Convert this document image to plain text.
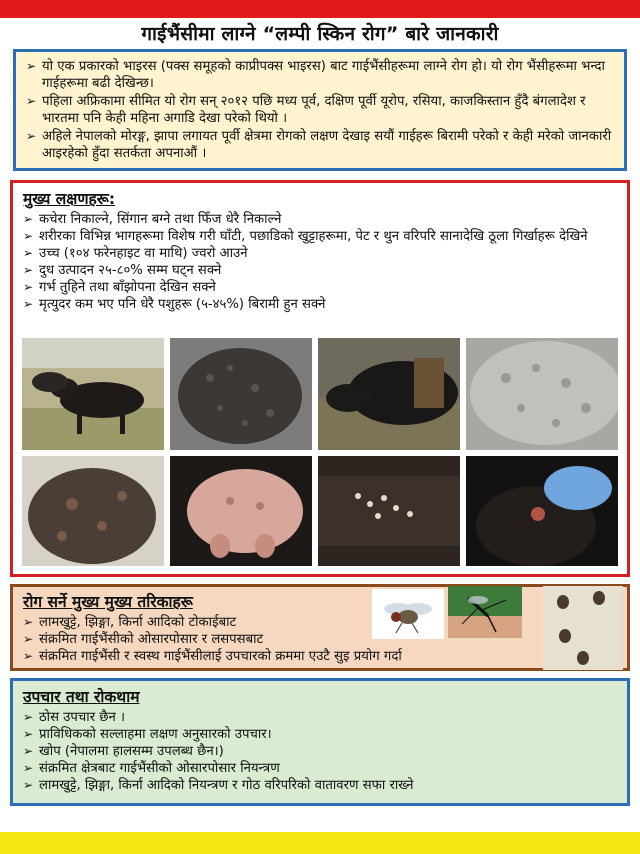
गाईभैंसीमा लाग्ने “लम्पी स्किन रोग” बारे जानकारी
➢ यो एक प्रकारको भाइरस (पक्स समूहको काप्रीपक्स भाइरस) बाट गाईभैंसीहरूमा लाग्ने रोग हो। यो रोग भैंसीहरूमा भन्दा गाईहरूमा बढी देखिन्छ।
➢ पहिला अफ्रिकामा सीमित यो रोग सन् २०१२ पछि मध्य पूर्व, दक्षिण पूर्वी यूरोप, रसिया, काजकिस्तान हुँदै बंगलादेश र भारतमा पनि केही महिना अगाडि देखा परेको थियो ।
➢ अहिले नेपालको मोरङ्ग, झापा लगायत पूर्वी क्षेत्रमा रोगको लक्षण देखाइ सयौं गाईहरू बिरामी परेको र केही मरेको जानकारी आइरहेको हुँदा सतर्कता अपनाऔं ।
मुख्य लक्षणहरू:
➢ कचेरा निकाल्ने, सिंगान बग्ने तथा फिँज धेरै निकाल्ने
➢ शरीरका विभिन्न भागहरूमा विशेष गरी घाँटी, पछाडिको खुट्टाहरूमा, पेट र थुन वरिपरि सानादेखि ठूला गिर्खाहरू देखिने
➢ उच्च (१०४ फरेनहाइट वा माथि) ज्वरो आउने
➢ दुध उत्पादन २५-८०% सम्म घट्न सक्ने
➢ गर्भ तुहिने तथा बाँझोपना देखिन सक्ने
➢ मृत्युदर कम भए पनि धेरै पशुहरू (५-४५%) बिरामी हुन सक्ने
रोग सर्ने मुख्य मुख्य तरिकाहरू
➢ लामखुट्टे, झिङ्गा, किर्ना आदिको टोकाईबाट
➢ संक्रमित गाईभैंसीको ओसारपोसार र लसपसबाट
➢ संक्रमित गाईभैंसी र स्वस्थ गाईभैंसीलाई उपचारको क्रममा एउटै सुइ प्रयोग गर्दा
उपचार तथा रोकथाम
➢ ठोस उपचार छैन ।
➢ प्राविधिकको सल्लाहमा लक्षण अनुसारको उपचार।
➢ खोप (नेपालमा हालसम्म उपलब्ध छैन।)
➢ संक्रमित क्षेत्रबाट गाईभैंसीको ओसारपोसार नियन्त्रण
➢ लामखुट्टे, झिङ्गा, किर्ना आदिको नियन्त्रण र गोठ वरिपरिको वातावरण सफा राख्ने
